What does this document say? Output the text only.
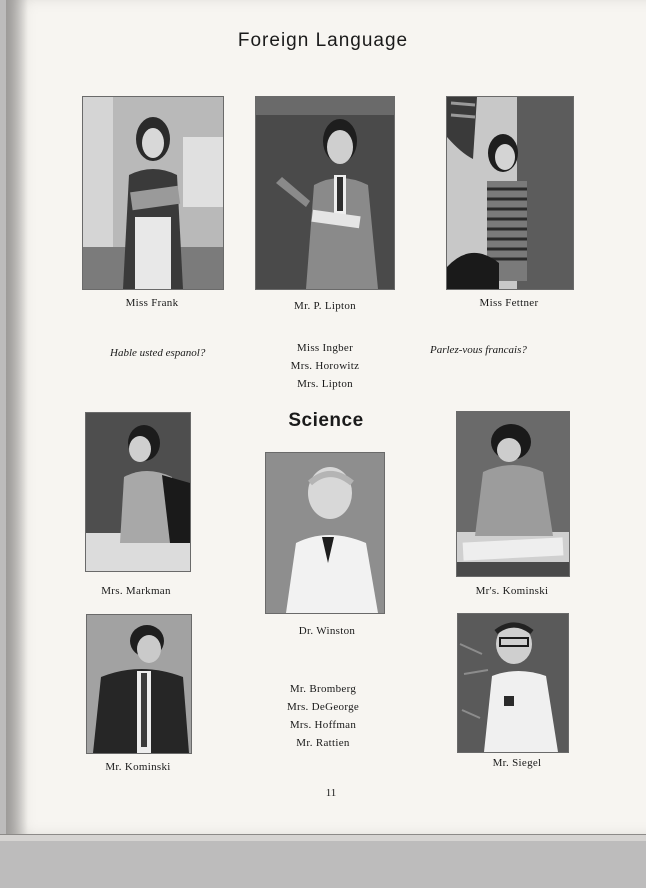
Foreign Language
Miss Frank	Mr. P. Lipton	Miss Fettner
Hable usted espanol?	Parlez-vous francais?
Miss Ingber
Mrs. Horowitz
Mrs. Lipton
Science
Mrs. Markman
Dr. Winston
Mr's. Kominski
Mr. Kominski	Mr. Siegel
Mr. Bromberg
Mrs. DeGeorge
Mrs. Hoffman
Mr. Rattien
11
